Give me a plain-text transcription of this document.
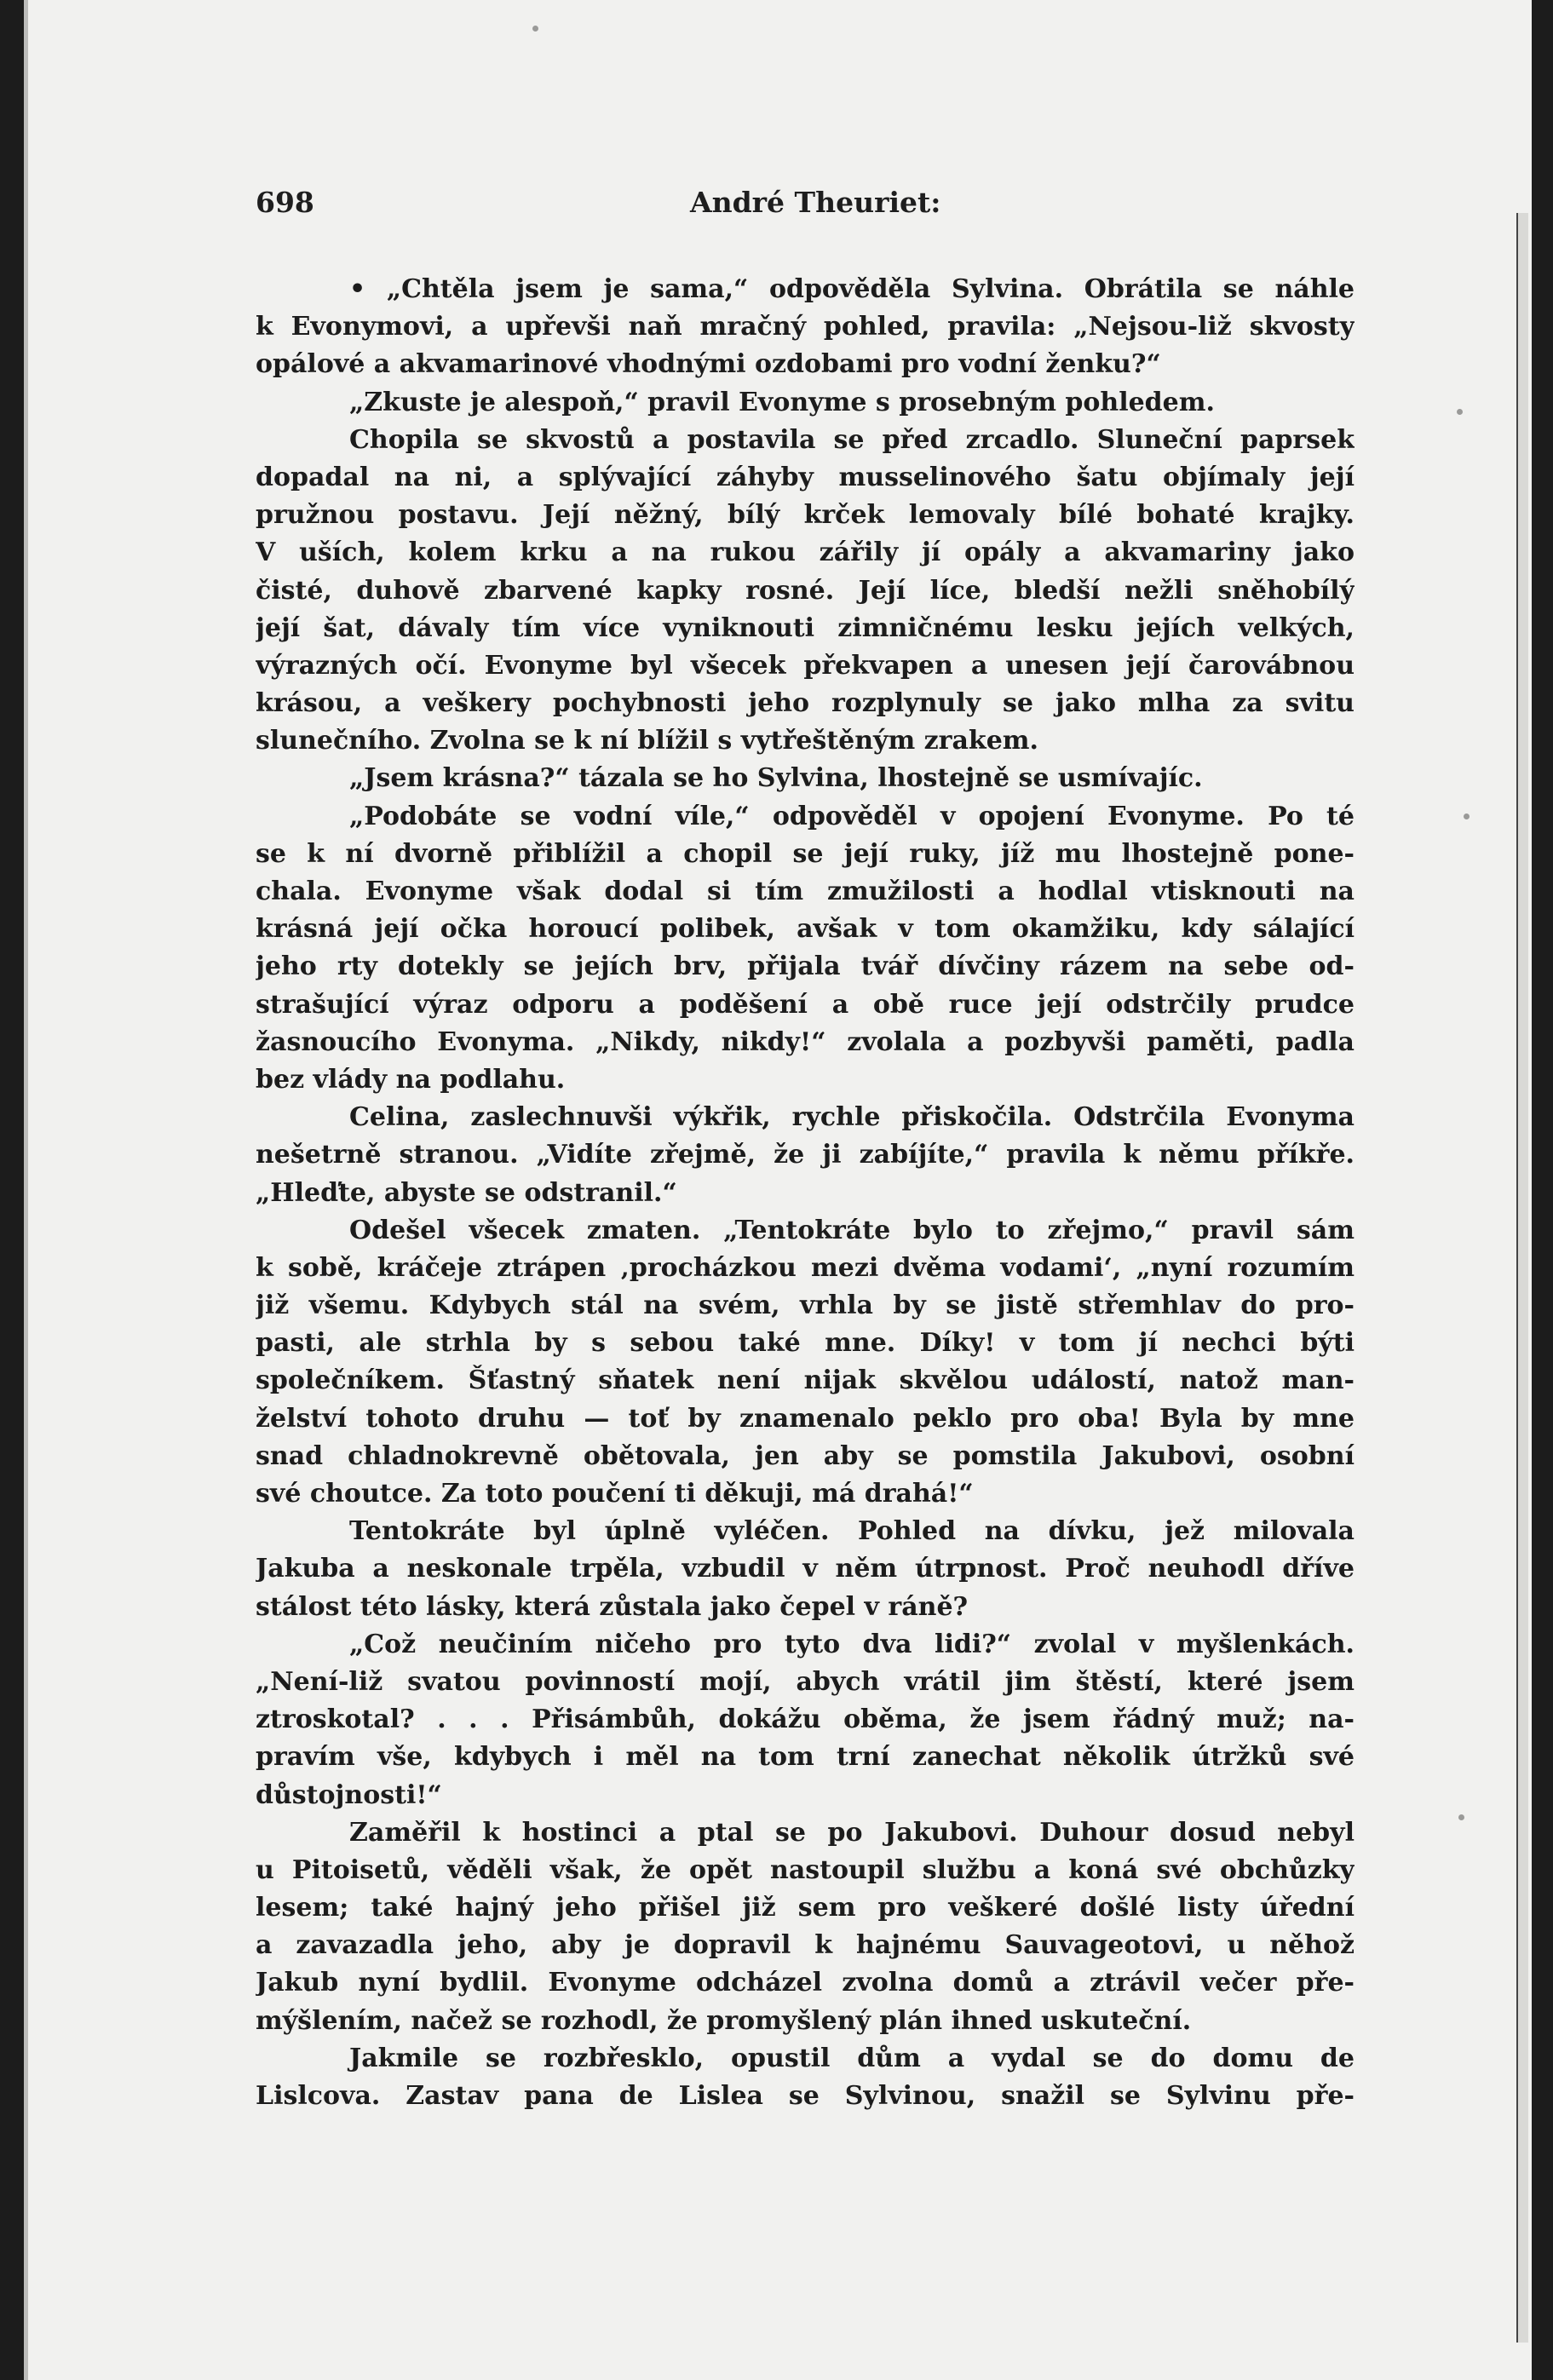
698	André Theuriet:
• „Chtěla jsem je sama,“ odpověděla Sylvina. Obrátila se náhle
k Evonymovi, a upřevši naň mračný pohled, pravila: „Nejsou-liž skvosty
opálové a akvamarinové vhodnými ozdobami pro vodní ženku?“
„Zkuste je alespoň,“ pravil Evonyme s prosebným pohledem.
Chopila se skvostů a postavila se před zrcadlo. Sluneční paprsek
dopadal na ni, a splývající záhyby musselinového šatu objímaly její
pružnou postavu. Její něžný, bílý krček lemovaly bílé bohaté krajky.
V uších, kolem krku a na rukou zářily jí opály a akvamariny jako
čisté, duhově zbarvené kapky rosné. Její líce, bledší nežli sněhobílý
její šat, dávaly tím více vyniknouti zimničnému lesku jejích velkých,
výrazných očí. Evonyme byl všecek překvapen a unesen její čarovábnou
krásou, a veškery pochybnosti jeho rozplynuly se jako mlha za svitu
slunečního. Zvolna se k ní blížil s vytřeštěným zrakem.
„Jsem krásna?“ tázala se ho Sylvina, lhostejně se usmívajíc.
„Podobáte se vodní víle,“ odpověděl v opojení Evonyme. Po té
se k ní dvorně přiblížil a chopil se její ruky, jíž mu lhostejně pone-
chala. Evonyme však dodal si tím zmužilosti a hodlal vtisknouti na
krásná její očka horoucí polibek, avšak v tom okamžiku, kdy sálající
jeho rty dotekly se jejích brv, přijala tvář dívčiny rázem na sebe od-
strašující výraz odporu a poděšení a obě ruce její odstrčily prudce
žasnoucího Evonyma. „Nikdy, nikdy!“ zvolala a pozbyvši paměti, padla
bez vlády na podlahu.
Celina, zaslechnuvši výkřik, rychle přiskočila. Odstrčila Evonyma
nešetrně stranou. „Vidíte zřejmě, že ji zabíjíte,“ pravila k němu příkře.
„Hleďte, abyste se odstranil.“
Odešel všecek zmaten. „Tentokráte bylo to zřejmo,“ pravil sám
k sobě, kráčeje ztrápen ‚procházkou mezi dvěma vodami‘, „nyní rozumím
již všemu. Kdybych stál na svém, vrhla by se jistě střemhlav do pro-
pasti, ale strhla by s sebou také mne. Díky! v tom jí nechci býti
společníkem. Šťastný sňatek není nijak skvělou událostí, natož man-
želství tohoto druhu — toť by znamenalo peklo pro oba! Byla by mne
snad chladnokrevně obětovala, jen aby se pomstila Jakubovi, osobní
své choutce. Za toto poučení ti děkuji, má drahá!“
Tentokráte byl úplně vyléčen. Pohled na dívku, jež milovala
Jakuba a neskonale trpěla, vzbudil v něm útrpnost. Proč neuhodl dříve
stálost této lásky, která zůstala jako čepel v ráně?
„Což neučiním ničeho pro tyto dva lidi?“ zvolal v myšlenkách.
„Není-liž svatou povinností mojí, abych vrátil jim štěstí, které jsem
ztroskotal? . . . Přisámbůh, dokážu oběma, že jsem řádný muž; na-
pravím vše, kdybych i měl na tom trní zanechat několik útržků své
důstojnosti!“
Zaměřil k hostinci a ptal se po Jakubovi. Duhour dosud nebyl
u Pitoisetů, věděli však, že opět nastoupil službu a koná své obchůzky
lesem; také hajný jeho přišel již sem pro veškeré došlé listy úřední
a zavazadla jeho, aby je dopravil k hajnému Sauvageotovi, u něhož
Jakub nyní bydlil. Evonyme odcházel zvolna domů a ztrávil večer pře-
mýšlením, načež se rozhodl, že promyšlený plán ihned uskuteční.
Jakmile se rozbřesklo, opustil dům a vydal se do domu de
Lislcova. Zastav pana de Lislea se Sylvinou, snažil se Sylvinu pře-
